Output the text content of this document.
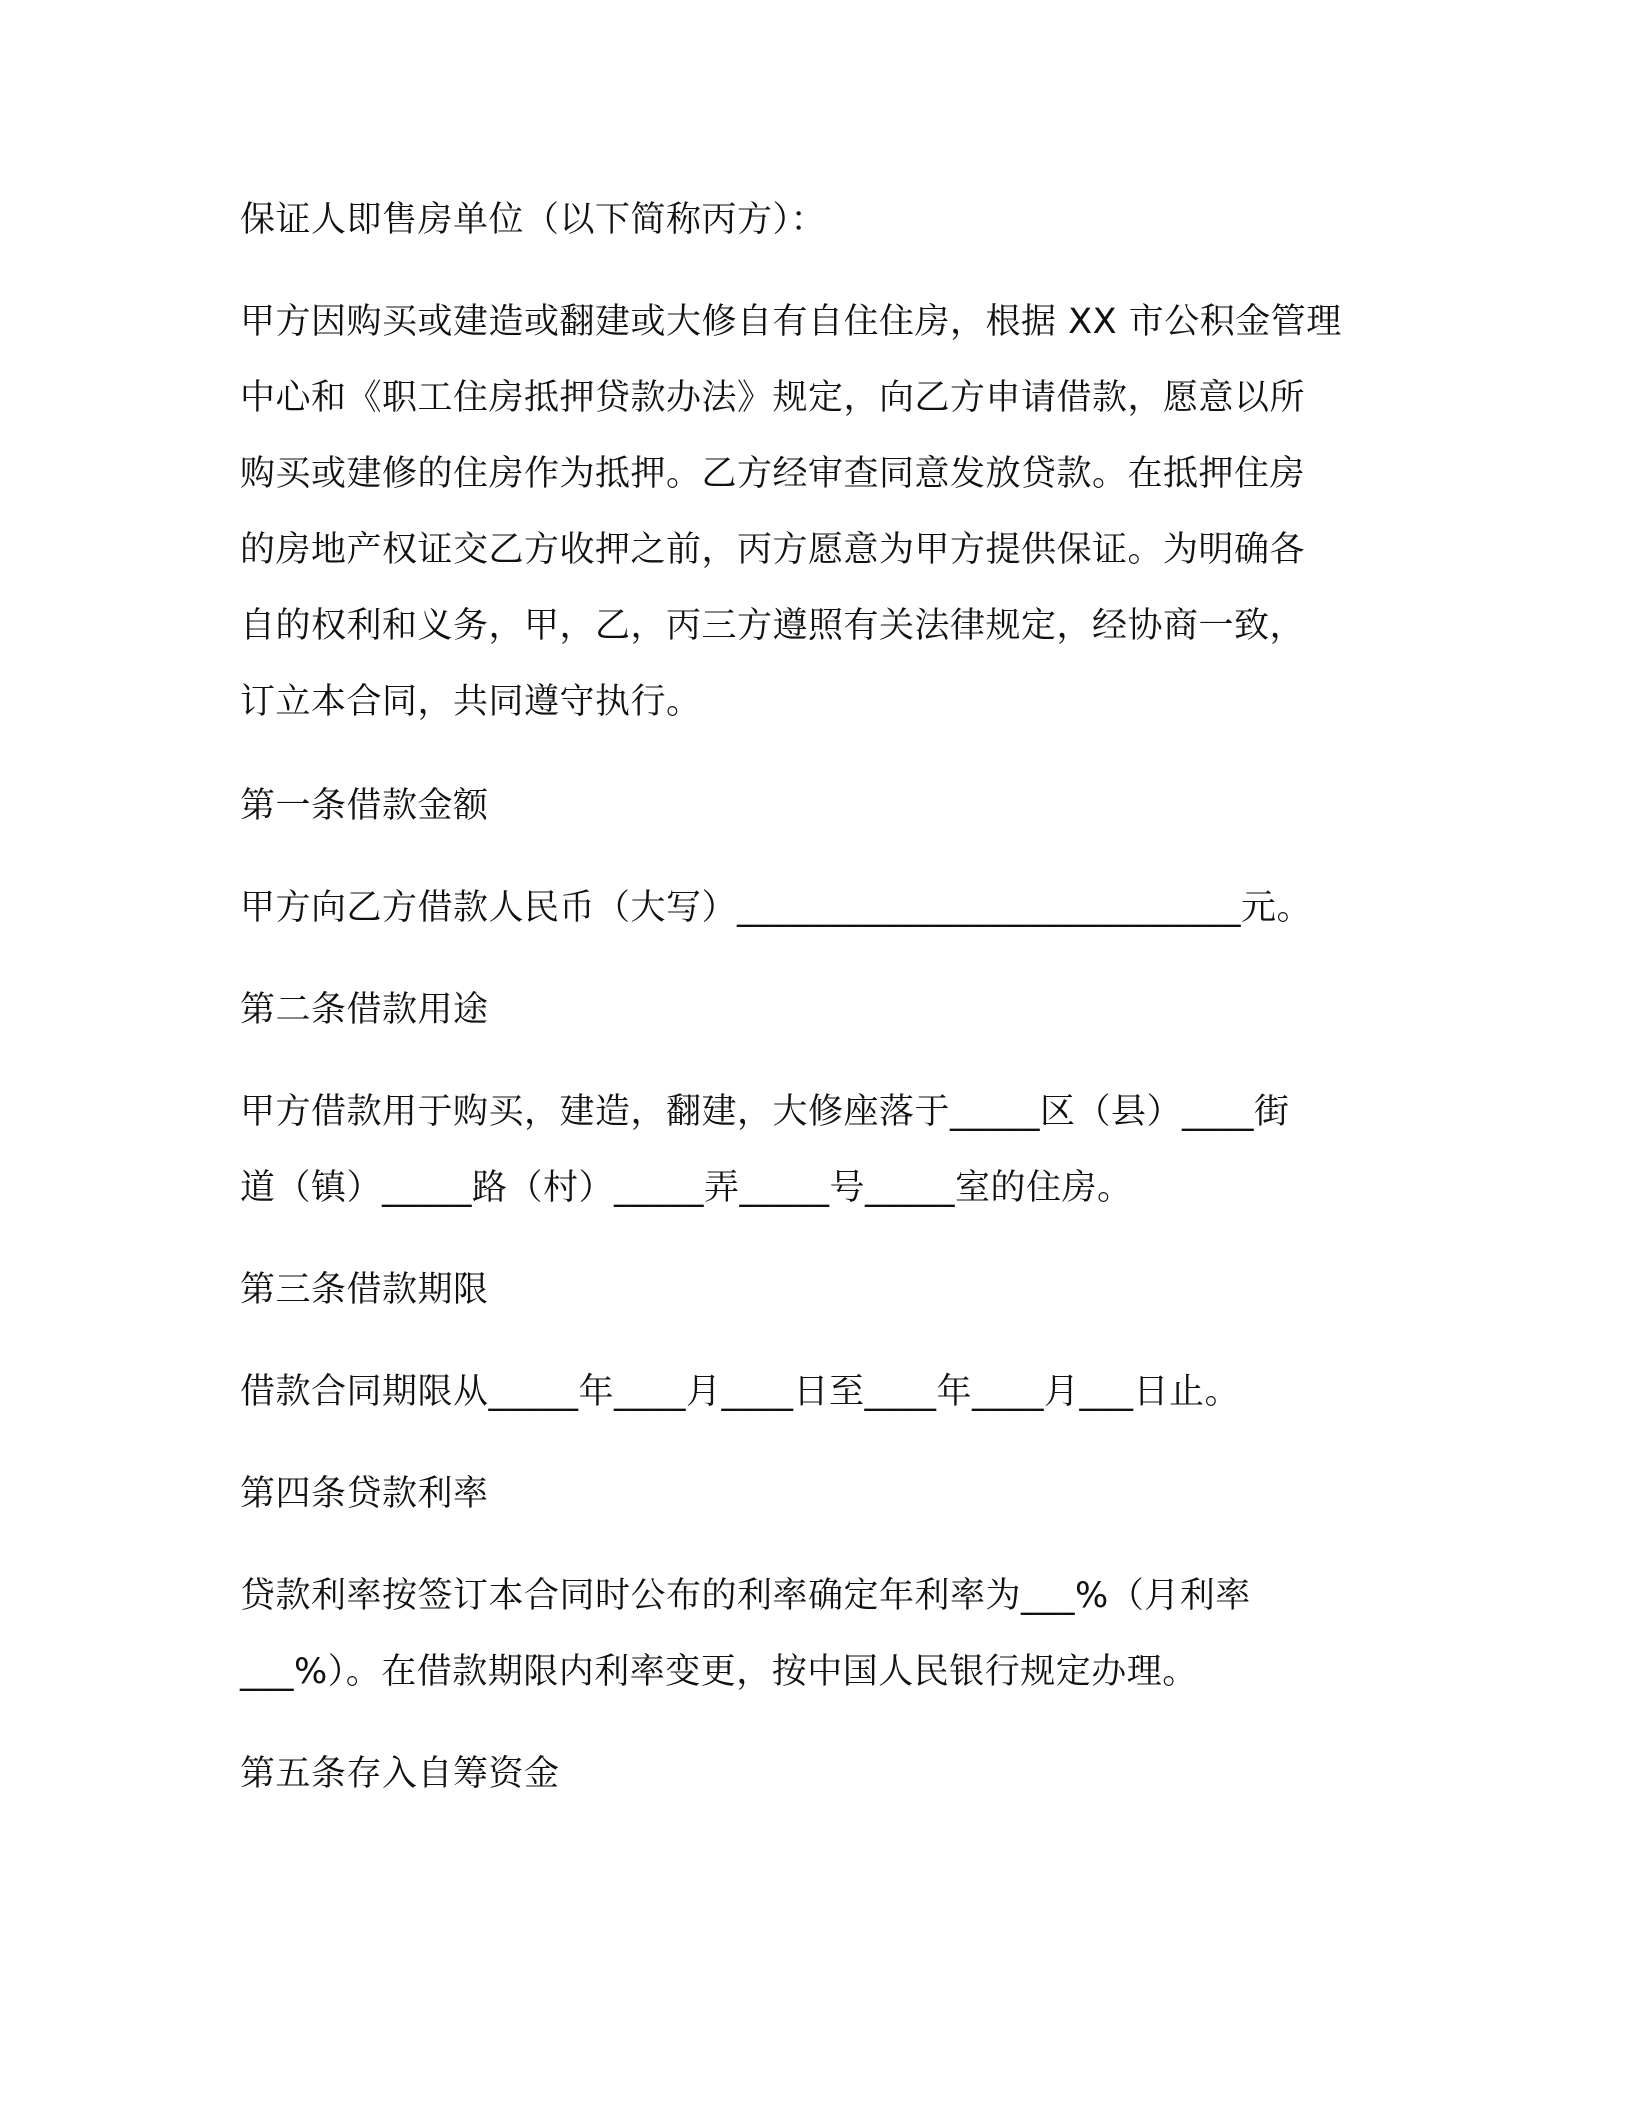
保证人即售房单位（以下简称丙方）：
甲方因购买或建造或翻建或大修自有自住住房，根据 XX 市公积金管理
中心和《职工住房抵押贷款办法》规定，向乙方申请借款，愿意以所
购买或建修的住房作为抵押。乙方经审查同意发放贷款。在抵押住房
的房地产权证交乙方收押之前，丙方愿意为甲方提供保证。为明确各
自的权利和义务，甲，乙，丙三方遵照有关法律规定，经协商一致，
订立本合同，共同遵守执行。
第一条借款金额
甲方向乙方借款人民币（大写）____________________________元。
第二条借款用途
甲方借款用于购买，建造，翻建，大修座落于_____区（县）____街
道（镇）_____路（村）_____弄_____号_____室的住房。
第三条借款期限
借款合同期限从_____年____月____日至____年____月___日止。
第四条贷款利率
贷款利率按签订本合同时公布的利率确定年利率为___%（月利率
___%）。在借款期限内利率变更，按中国人民银行规定办理。
第五条存入自筹资金
